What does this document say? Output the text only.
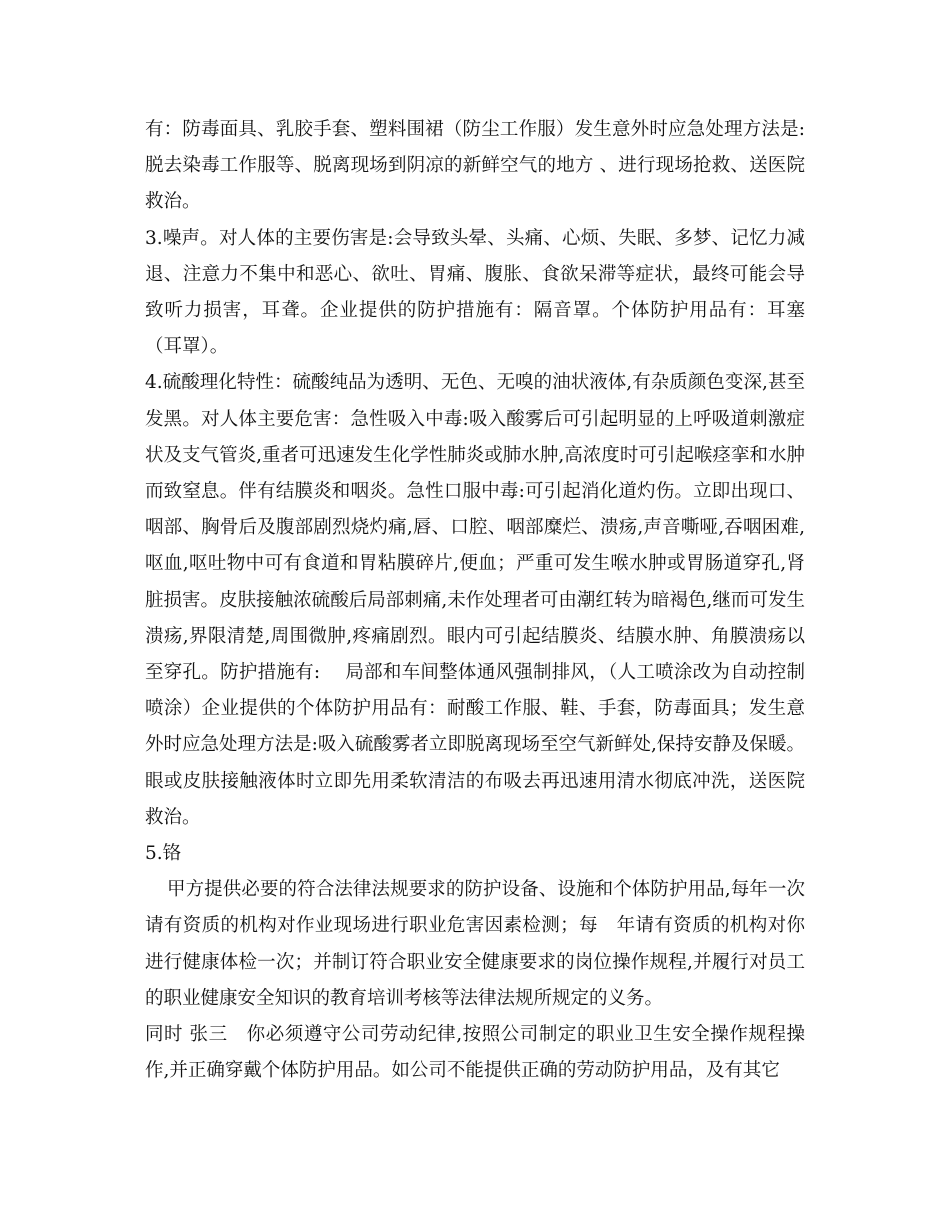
有：防毒面具、乳胶手套、塑料围裙（防尘工作服）发生意外时应急处理方法是:脱去染毒工作服等、脱离现场到阴凉的新鲜空气的地方 、进行现场抢救、送医院救治。

3.噪声。对人体的主要伤害是:会导致头晕、头痛、心烦、失眠、多梦、记忆力减退、注意力不集中和恶心、欲吐、胃痛、腹胀、食欲呆滞等症状，最终可能会导致听力损害，耳聋。企业提供的防护措施有：隔音罩。个体防护用品有：耳塞（耳罩）。

4.硫酸理化特性：硫酸纯品为透明、无色、无嗅的油状液体,有杂质颜色变深,甚至发黑。对人体主要危害：急性吸入中毒:吸入酸雾后可引起明显的上呼吸道刺激症状及支气管炎,重者可迅速发生化学性肺炎或肺水肿,高浓度时可引起喉痉挛和水肿而致窒息。伴有结膜炎和咽炎。急性口服中毒:可引起消化道灼伤。立即出现口、咽部、胸骨后及腹部剧烈烧灼痛,唇、口腔、咽部糜烂、溃疡,声音嘶哑,吞咽困难,呕血,呕吐物中可有食道和胃粘膜碎片,便血；严重可发生喉水肿或胃肠道穿孔,肾脏损害。皮肤接触浓硫酸后局部刺痛,未作处理者可由潮红转为暗褐色,继而可发生溃疡,界限清楚,周围微肿,疼痛剧烈。眼内可引起结膜炎、结膜水肿、角膜溃疡以至穿孔。防护措施有:　 局部和车间整体通风强制排风，（人工喷涂改为自动控制喷涂）企业提供的个体防护用品有：耐酸工作服、鞋、手套，防毒面具；发生意外时应急处理方法是:吸入硫酸雾者立即脱离现场至空气新鲜处,保持安静及保暖。眼或皮肤接触液体时立即先用柔软清洁的布吸去再迅速用清水彻底冲洗，送医院救治。

5.铬

甲方提供必要的符合法律法规要求的防护设备、设施和个体防护用品,每年一次请有资质的机构对作业现场进行职业危害因素检测；每　年请有资质的机构对你进行健康体检一次；并制订符合职业安全健康要求的岗位操作规程,并履行对员工的职业健康安全知识的教育培训考核等法律法规所规定的义务。

同时 张三　你必须遵守公司劳动纪律,按照公司制定的职业卫生安全操作规程操作,并正确穿戴个体防护用品。如公司不能提供正确的劳动防护用品，及有其它
